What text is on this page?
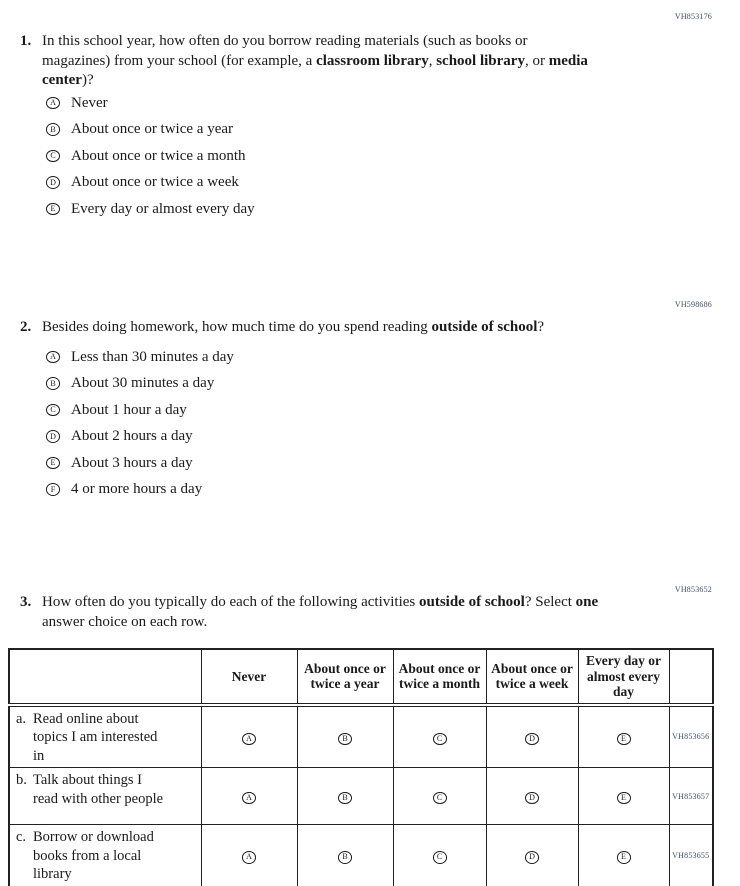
VH853176
1. In this school year, how often do you borrow reading materials (such as books or magazines) from your school (for example, a classroom library, school library, or media center)?
A Never
B About once or twice a year
C About once or twice a month
D About once or twice a week
E	Every day or almost every day
VH598686
2. Besides doing homework, how much time do you spend reading outside of school?
A Less than 30 minutes a day
B About 30 minutes a day
C About 1 hour a day
D About 2 hours a day
E	About 3 hours a day
F	4 or more hours a day
VH853652
3. How often do you typically do each of the following activities outside of school? Select one answer choice on each row.
	Never	About once or twice a year	About once or twice a month	About once or twice a week	Every day or almost every day	

a. Read online about topics I am interested in	A	B	C	D	E	VH853656

b. Talk about things I read with other people	A	B	C	D	E	VH853657

c. Borrow or download books from a local library	A	B	C	D	E	VH853655
